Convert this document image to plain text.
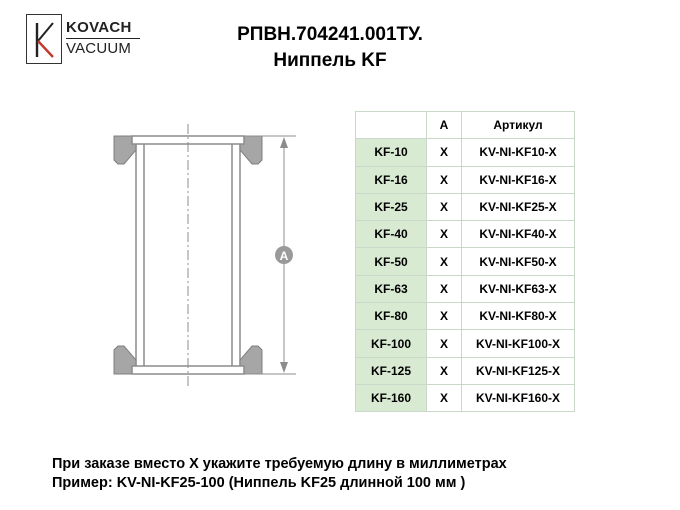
KOVACH
VACUUM
РПВН.704241.001ТУ.
Ниппель KF
A
	A	Артикул
KF-10	X	KV-NI-KF10-X
KF-16	X	KV-NI-KF16-X
KF-25	X	KV-NI-KF25-X
KF-40	X	KV-NI-KF40-X
KF-50	X	KV-NI-KF50-X
KF-63	X	KV-NI-KF63-X
KF-80	X	KV-NI-KF80-X
KF-100	X	KV-NI-KF100-X
KF-125	X	KV-NI-KF125-X
KF-160	X	KV-NI-KF160-X
При заказе вместо Х укажите требуемую длину в миллиметрах
Пример: KV-NI-KF25-100 (Ниппель KF25 длинной 100 мм )
